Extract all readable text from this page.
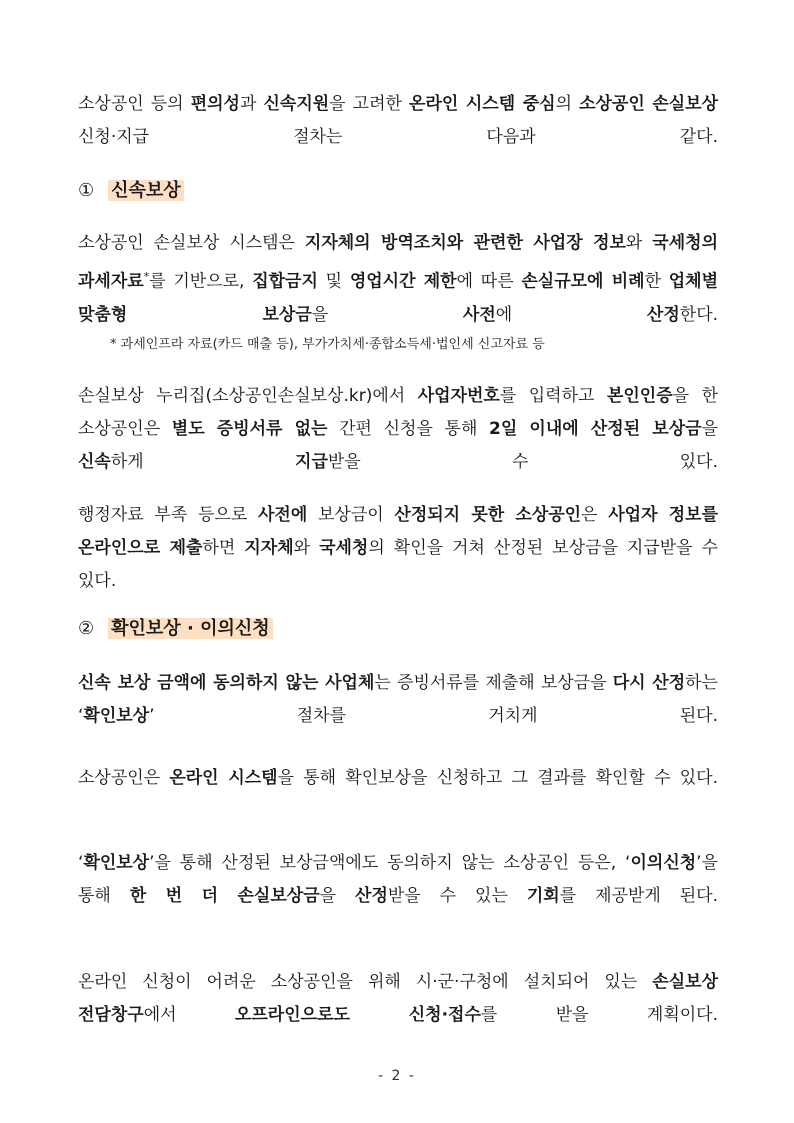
소상공인 등의 편의성과 신속지원을 고려한 온라인 시스템 중심의 소상공인 손실보상 신청·지급 절차는 다음과 같다.

① 신속보상

소상공인 손실보상 시스템은 지자체의 방역조치와 관련한 사업장 정보와 국세청의 과세자료*를 기반으로, 집합금지 및 영업시간 제한에 따른 손실규모에 비례한 업체별 맞춤형 보상금을 사전에 산정한다.

* 과세인프라 자료(카드 매출 등), 부가가치세·종합소득세·법인세 신고자료 등

손실보상 누리집(소상공인손실보상.kr)에서 사업자번호를 입력하고 본인인증을 한 소상공인은 별도 증빙서류 없는 간편 신청을 통해 2일 이내에 산정된 보상금을 신속하게 지급받을 수 있다.

행정자료 부족 등으로 사전에 보상금이 산정되지 못한 소상공인은 사업자 정보를 온라인으로 제출하면 지자체와 국세청의 확인을 거쳐 산정된 보상금을 지급받을 수 있다.

② 확인보상 · 이의신청

신속 보상 금액에 동의하지 않는 사업체는 증빙서류를 제출해 보상금을 다시 산정하는 ‘확인보상’ 절차를 거치게 된다.

소상공인은 온라인 시스템을 통해 확인보상을 신청하고 그 결과를 확인할 수 있다.

‘확인보상’을 통해 산정된 보상금액에도 동의하지 않는 소상공인 등은, ‘이의신청’을 통해 한 번 더 손실보상금을 산정받을 수 있는 기회를 제공받게 된다.

온라인 신청이 어려운 소상공인을 위해 시·군·구청에 설치되어 있는 손실보상 전담창구에서 오프라인으로도 신청·접수를 받을 계획이다.

- 2 -
